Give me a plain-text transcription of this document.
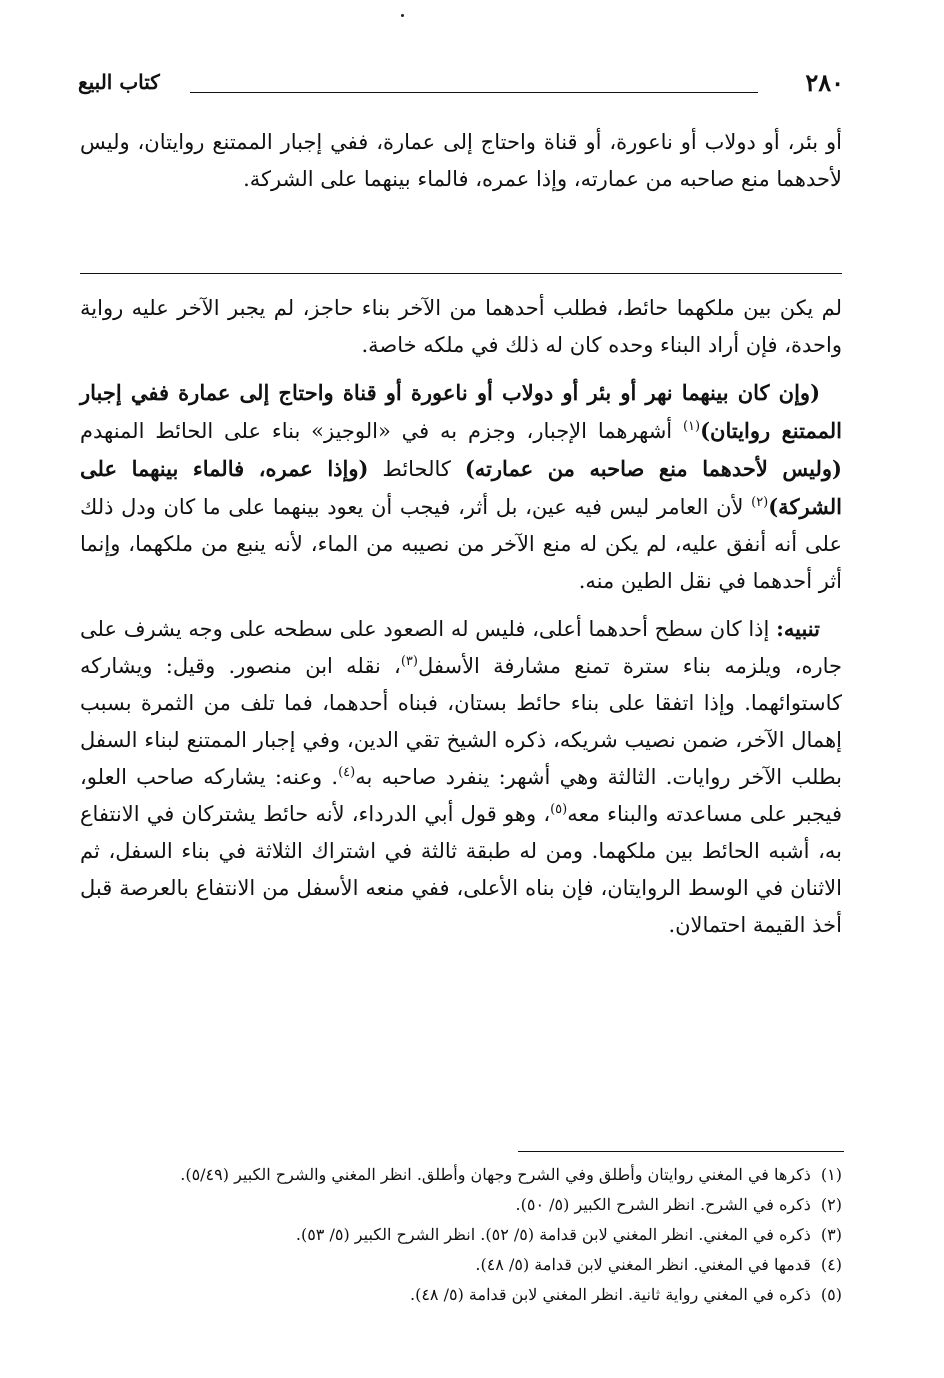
٢٨٠
كتاب البيع
أو بئر، أو دولاب أو ناعورة، أو قناة واحتاج إلى عمارة، ففي إجبار الممتنع روايتان، وليس لأحدهما منع صاحبه من عمارته، وإذا عمره، فالماء بينهما على الشركة.

لم يكن بين ملكهما حائط، فطلب أحدهما من الآخر بناء حاجز، لم يجبر الآخر عليه رواية واحدة، فإن أراد البناء وحده كان له ذلك في ملكه خاصة.

(وإن كان بينهما نهر أو بئر أو دولاب أو ناعورة أو قناة واحتاج إلى عمارة ففي إجبار الممتنع روايتان)$^{(١)}$ أشهرهما الإجبار، وجزم به في «الوجيز» بناء على الحائط المنهدم (وليس لأحدهما منع صاحبه من عمارته) كالحائط (وإذا عمره، فالماء بينهما على الشركة)$^{(٢)}$ لأن العامر ليس فيه عين، بل أثر، فيجب أن يعود بينهما على ما كان ودل ذلك على أنه أنفق عليه، لم يكن له منع الآخر من نصيبه من الماء، لأنه ينبع من ملكهما، وإنما أثر أحدهما في نقل الطين منه.

تنبيه: إذا كان سطح أحدهما أعلى، فليس له الصعود على سطحه على وجه يشرف على جاره، ويلزمه بناء سترة تمنع مشارفة الأسفل$^{(٣)}$، نقله ابن منصور. وقيل: ويشاركه كاستوائهما. وإذا اتفقا على بناء حائط بستان، فبناه أحدهما، فما تلف من الثمرة بسبب إهمال الآخر، ضمن نصيب شريكه، ذكره الشيخ تقي الدين، وفي إجبار الممتنع لبناء السفل بطلب الآخر روايات. الثالثة وهي أشهر: ينفرد صاحبه به$^{(٤)}$. وعنه: يشاركه صاحب العلو، فيجبر على مساعدته والبناء معه$^{(٥)}$، وهو قول أبي الدرداء، لأنه حائط يشتركان في الانتفاع به، أشبه الحائط بين ملكهما. ومن له طبقة ثالثة في اشتراك الثلاثة في بناء السفل، ثم الاثنان في الوسط الروايتان، فإن بناه الأعلى، ففي منعه الأسفل من الانتفاع بالعرصة قبل أخذ القيمة احتمالان.

(١)ذكرها في المغني روايتان وأطلق وفي الشرح وجهان وأطلق. انظر المغني والشرح الكبير (٥/٤٩).

(٢)ذكره في الشرح. انظر الشرح الكبير (٥/ ٥٠).

(٣)ذكره في المغني. انظر المغني لابن قدامة (٥/ ٥٢). انظر الشرح الكبير (٥/ ٥٣).

(٤)قدمها في المغني. انظر المغني لابن قدامة (٥/ ٤٨).

(٥)ذكره في المغني رواية ثانية. انظر المغني لابن قدامة (٥/ ٤٨).
